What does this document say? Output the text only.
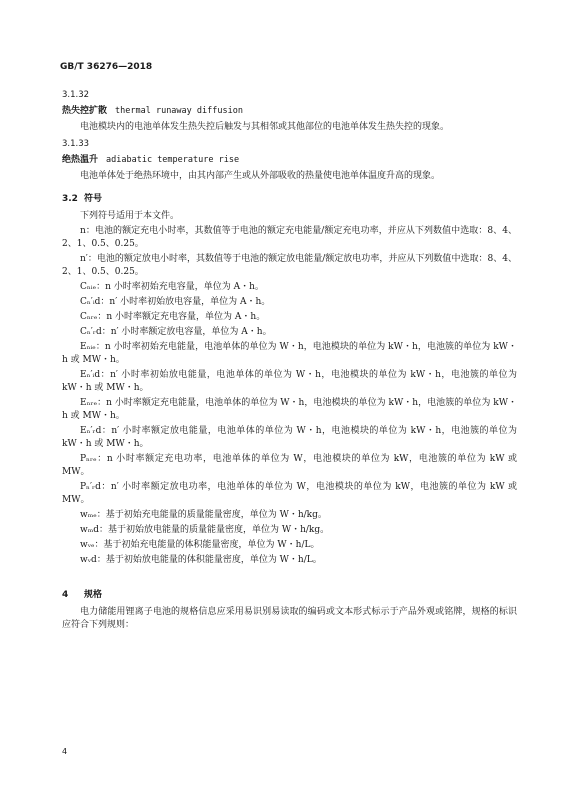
GB/T 36276—2018
3.1.32
热失控扩散 thermal runaway diffusion
电池模块内的电池单体发生热失控后触发与其相邻或其他部位的电池单体发生热失控的现象。
3.1.33
绝热温升 adiabatic temperature rise
电池单体处于绝热环境中，由其内部产生或从外部吸收的热量使电池单体温度升高的现象。
3.2 符号
下列符号适用于本文件。
n：电池的额定充电小时率，其数值等于电池的额定充电能量/额定充电功率，并应从下列数值中选取：8、4、2、1、0.5、0.25。
n′：电池的额定放电小时率，其数值等于电池的额定放电能量/额定放电功率，并应从下列数值中选取：8、4、2、1、0.5、0.25。
Cₙᵢₑ：n 小时率初始充电容量，单位为 A・h。
Cₙ′ᵢd：n′ 小时率初始放电容量，单位为 A・h。
Cₙᵣₑ：n 小时率额定充电容量，单位为 A・h。
Cₙ′ᵣd：n′ 小时率额定放电容量，单位为 A・h。
Eₙᵢₑ：n 小时率初始充电能量，电池单体的单位为 W・h，电池模块的单位为 kW・h，电池簇的单位为 kW・h 或 MW・h。
Eₙ′ᵢd：n′ 小时率初始放电能量，电池单体的单位为 W・h，电池模块的单位为 kW・h，电池簇的单位为 kW・h 或 MW・h。
Eₙᵣₑ：n 小时率额定充电能量，电池单体的单位为 W・h，电池模块的单位为 kW・h，电池簇的单位为 kW・h 或 MW・h。
Eₙ′ᵣd：n′ 小时率额定放电能量，电池单体的单位为 W・h，电池模块的单位为 kW・h，电池簇的单位为 kW・h 或 MW・h。
Pₙᵣₑ：n 小时率额定充电功率，电池单体的单位为 W，电池模块的单位为 kW，电池簇的单位为 kW 或 MW。
Pₙ′ᵣd：n′ 小时率额定放电功率，电池单体的单位为 W，电池模块的单位为 kW，电池簇的单位为 kW 或 MW。
wₘₑ：基于初始充电能量的质量能量密度，单位为 W・h/kg。
wₘd：基于初始放电能量的质量能量密度，单位为 W・h/kg。
wᵥₑ：基于初始充电能量的体积能量密度，单位为 W・h/L。
wᵥd：基于初始放电能量的体积能量密度，单位为 W・h/L。
4 规格
电力储能用锂离子电池的规格信息应采用易识别易读取的编码或文本形式标示于产品外观或铭牌，规格的标识应符合下列规则：
4
